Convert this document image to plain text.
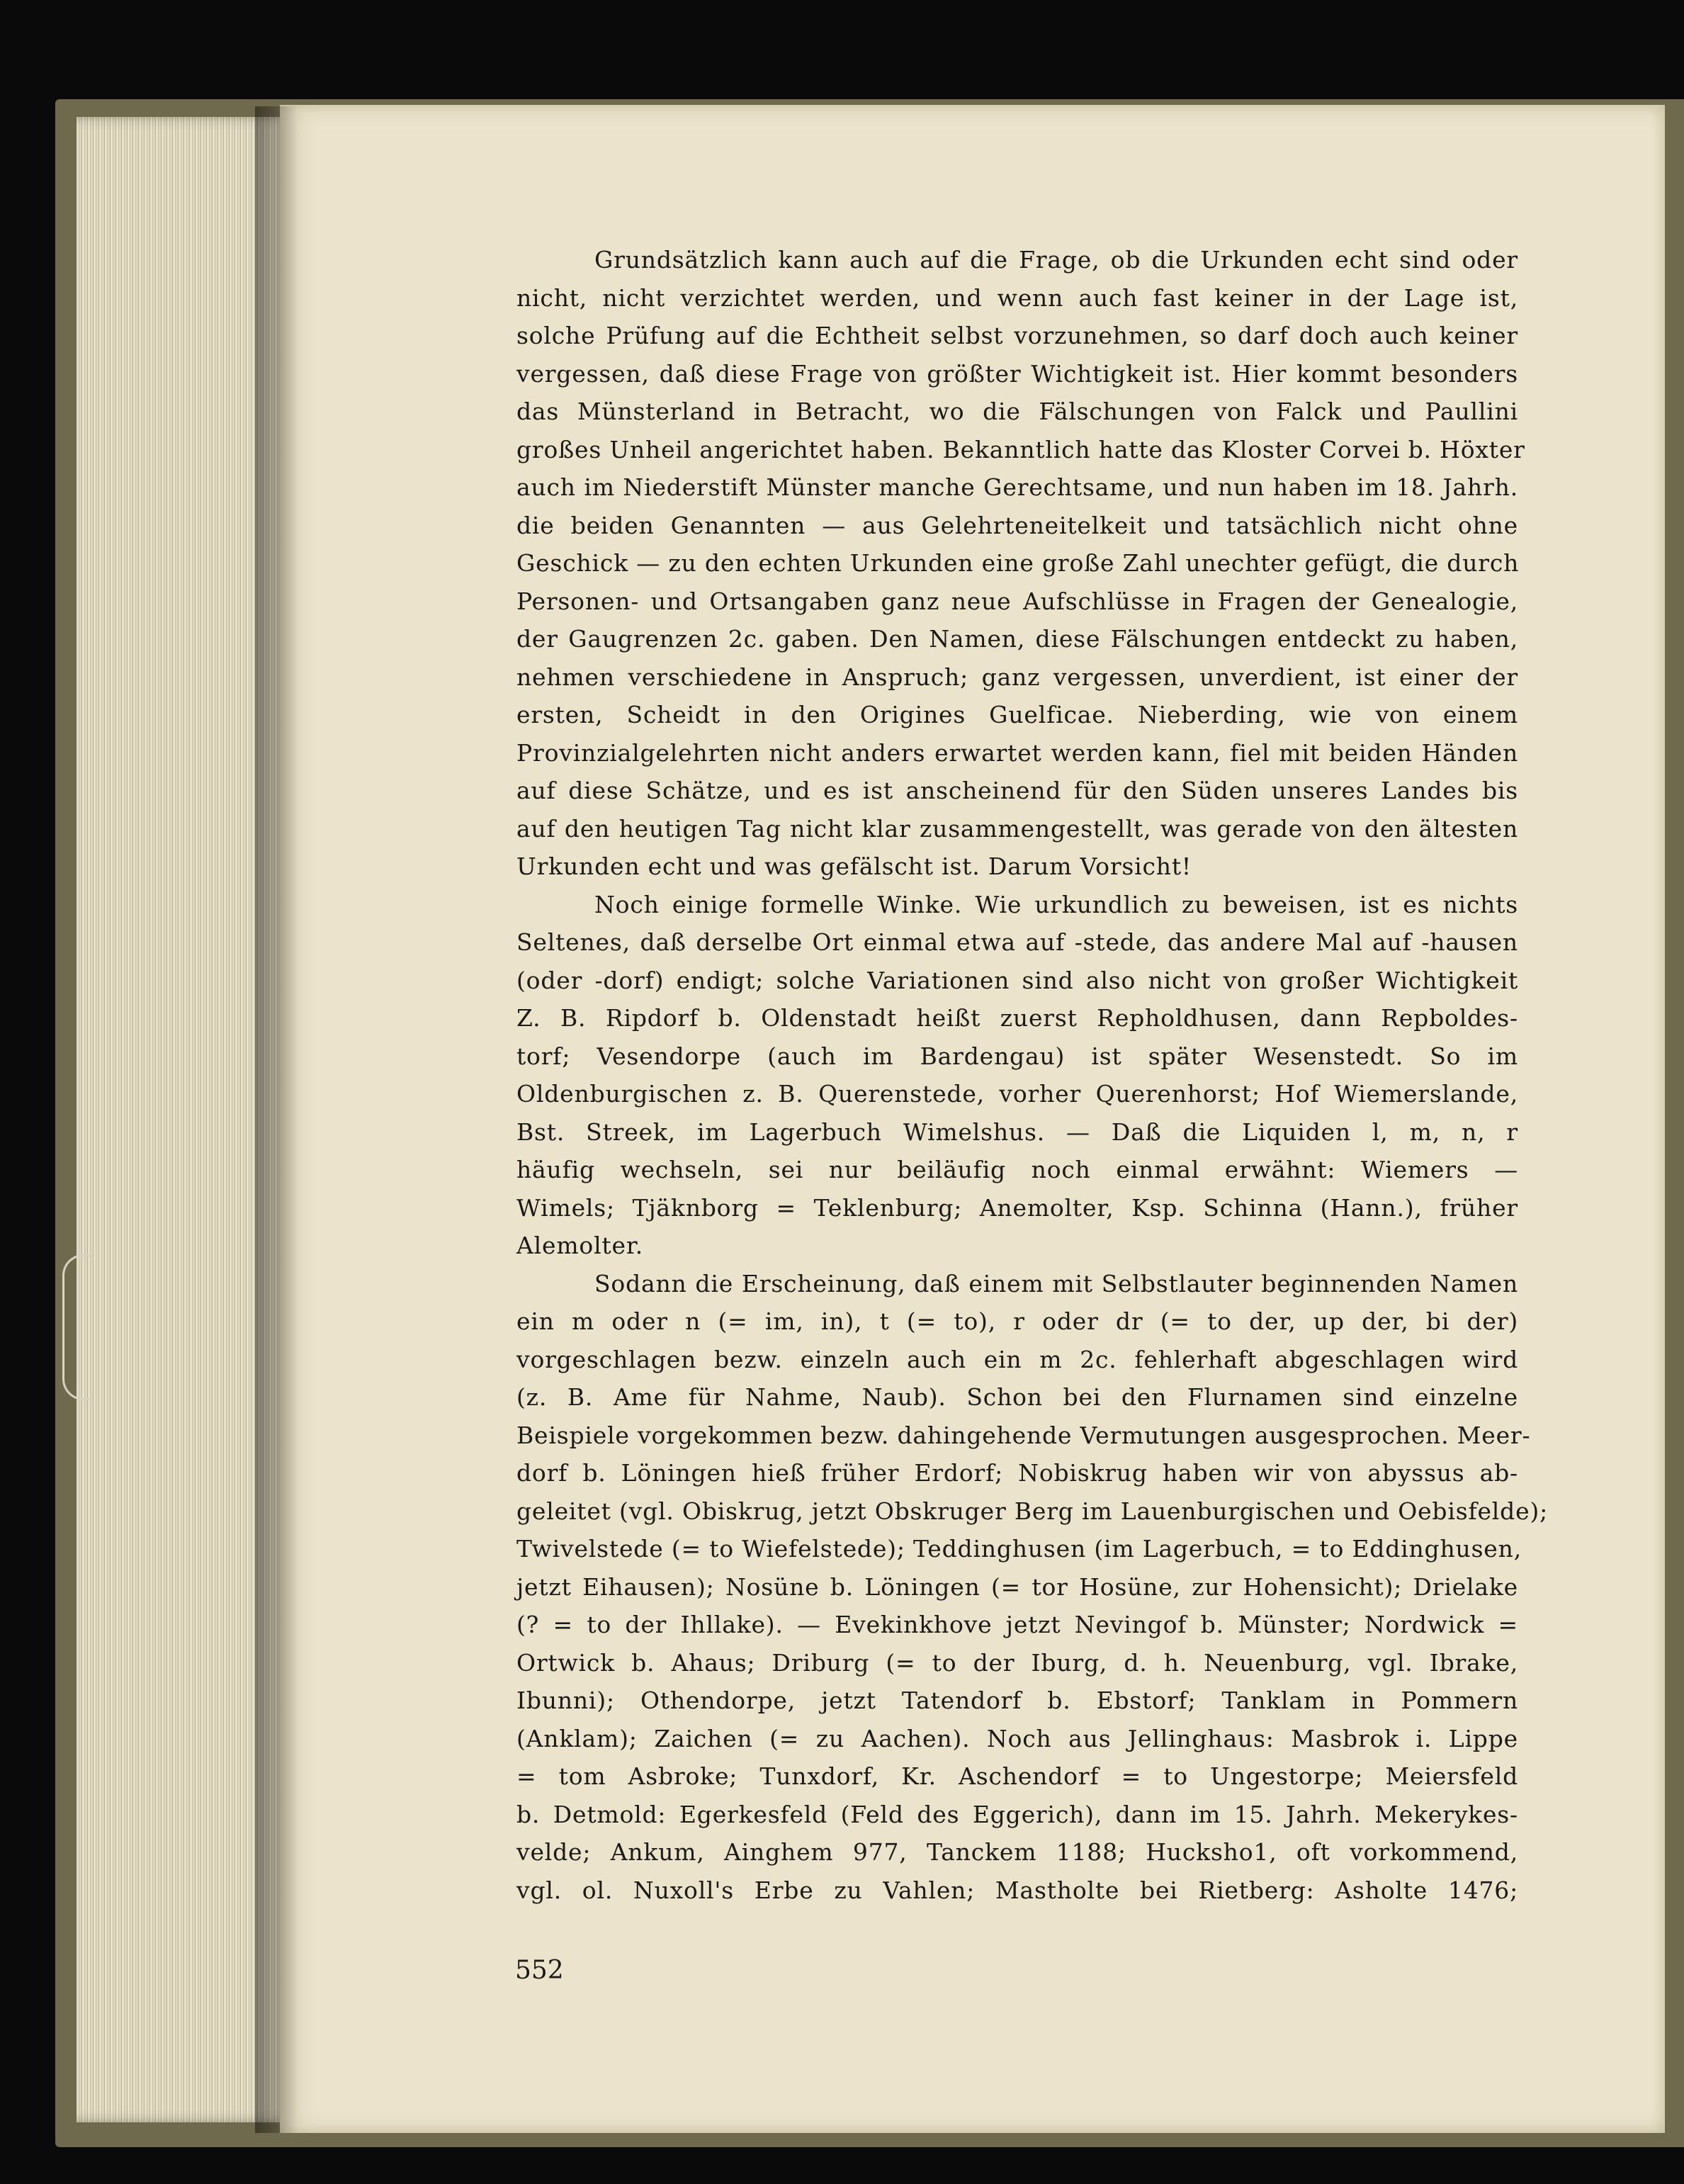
Grundsätzlich kann auch auf die Frage, ob die Urkunden echt sind oder
nicht, nicht verzichtet werden, und wenn auch fast keiner in der Lage ist,
solche Prüfung auf die Echtheit selbst vorzunehmen, so darf doch auch keiner
vergessen, daß diese Frage von größter Wichtigkeit ist. Hier kommt besonders
das Münsterland in Betracht, wo die Fälschungen von Falck und Paullini
großes Unheil angerichtet haben. Bekanntlich hatte das Kloster Corvei b. Höxter
auch im Niederstift Münster manche Gerechtsame, und nun haben im 18. Jahrh.
die beiden Genannten — aus Gelehrteneitelkeit und tatsächlich nicht ohne
Geschick — zu den echten Urkunden eine große Zahl unechter gefügt, die durch
Personen- und Ortsangaben ganz neue Aufschlüsse in Fragen der Genealogie,
der Gaugrenzen 2c. gaben. Den Namen, diese Fälschungen entdeckt zu haben,
nehmen verschiedene in Anspruch; ganz vergessen, unverdient, ist einer der
ersten, Scheidt in den Origines Guelficae. Nieberding, wie von einem
Provinzialgelehrten nicht anders erwartet werden kann, fiel mit beiden Händen
auf diese Schätze, und es ist anscheinend für den Süden unseres Landes bis
auf den heutigen Tag nicht klar zusammengestellt, was gerade von den ältesten
Urkunden echt und was gefälscht ist. Darum Vorsicht!
Noch einige formelle Winke. Wie urkundlich zu beweisen, ist es nichts
Seltenes, daß derselbe Ort einmal etwa auf -stede, das andere Mal auf -hausen
(oder -dorf) endigt; solche Variationen sind also nicht von großer Wichtigkeit
Z. B. Ripdorf b. Oldenstadt heißt zuerst Repholdhusen, dann Repboldes-
torf; Vesendorpe (auch im Bardengau) ist später Wesenstedt. So im
Oldenburgischen z. B. Querenstede, vorher Querenhorst; Hof Wiemerslande,
Bst. Streek, im Lagerbuch Wimelshus. — Daß die Liquiden l, m, n, r
häufig wechseln, sei nur beiläufig noch einmal erwähnt: Wiemers —
Wimels; Tjäknborg = Teklenburg; Anemolter, Ksp. Schinna (Hann.), früher
Alemolter.
Sodann die Erscheinung, daß einem mit Selbstlauter beginnenden Namen
ein m oder n (= im, in), t (= to), r oder dr (= to der, up der, bi der)
vorgeschlagen bezw. einzeln auch ein m 2c. fehlerhaft abgeschlagen wird
(z. B. Ame für Nahme, Naub). Schon bei den Flurnamen sind einzelne
Beispiele vorgekommen bezw. dahingehende Vermutungen ausgesprochen. Meer-
dorf b. Löningen hieß früher Erdorf; Nobiskrug haben wir von abyssus ab-
geleitet (vgl. Obiskrug, jetzt Obskruger Berg im Lauenburgischen und Oebisfelde);
Twivelstede (= to Wiefelstede); Teddinghusen (im Lagerbuch, = to Eddinghusen,
jetzt Eihausen); Nosüne b. Löningen (= tor Hosüne, zur Hohensicht); Drielake
(? = to der Ihllake). — Evekinkhove jetzt Nevingof b. Münster; Nordwick =
Ortwick b. Ahaus; Driburg (= to der Iburg, d. h. Neuenburg, vgl. Ibrake,
Ibunni); Othendorpe, jetzt Tatendorf b. Ebstorf; Tanklam in Pommern
(Anklam); Zaichen (= zu Aachen). Noch aus Jellinghaus: Masbrok i. Lippe
= tom Asbroke; Tunxdorf, Kr. Aschendorf = to Ungestorpe; Meiersfeld
b. Detmold: Egerkesfeld (Feld des Eggerich), dann im 15. Jahrh. Mekerykes-
velde; Ankum, Ainghem 977, Tanckem 1188; Hucksho1, oft vorkommend,
vgl. ol. Nuxoll's Erbe zu Vahlen; Mastholte bei Rietberg: Asholte 1476;
552
